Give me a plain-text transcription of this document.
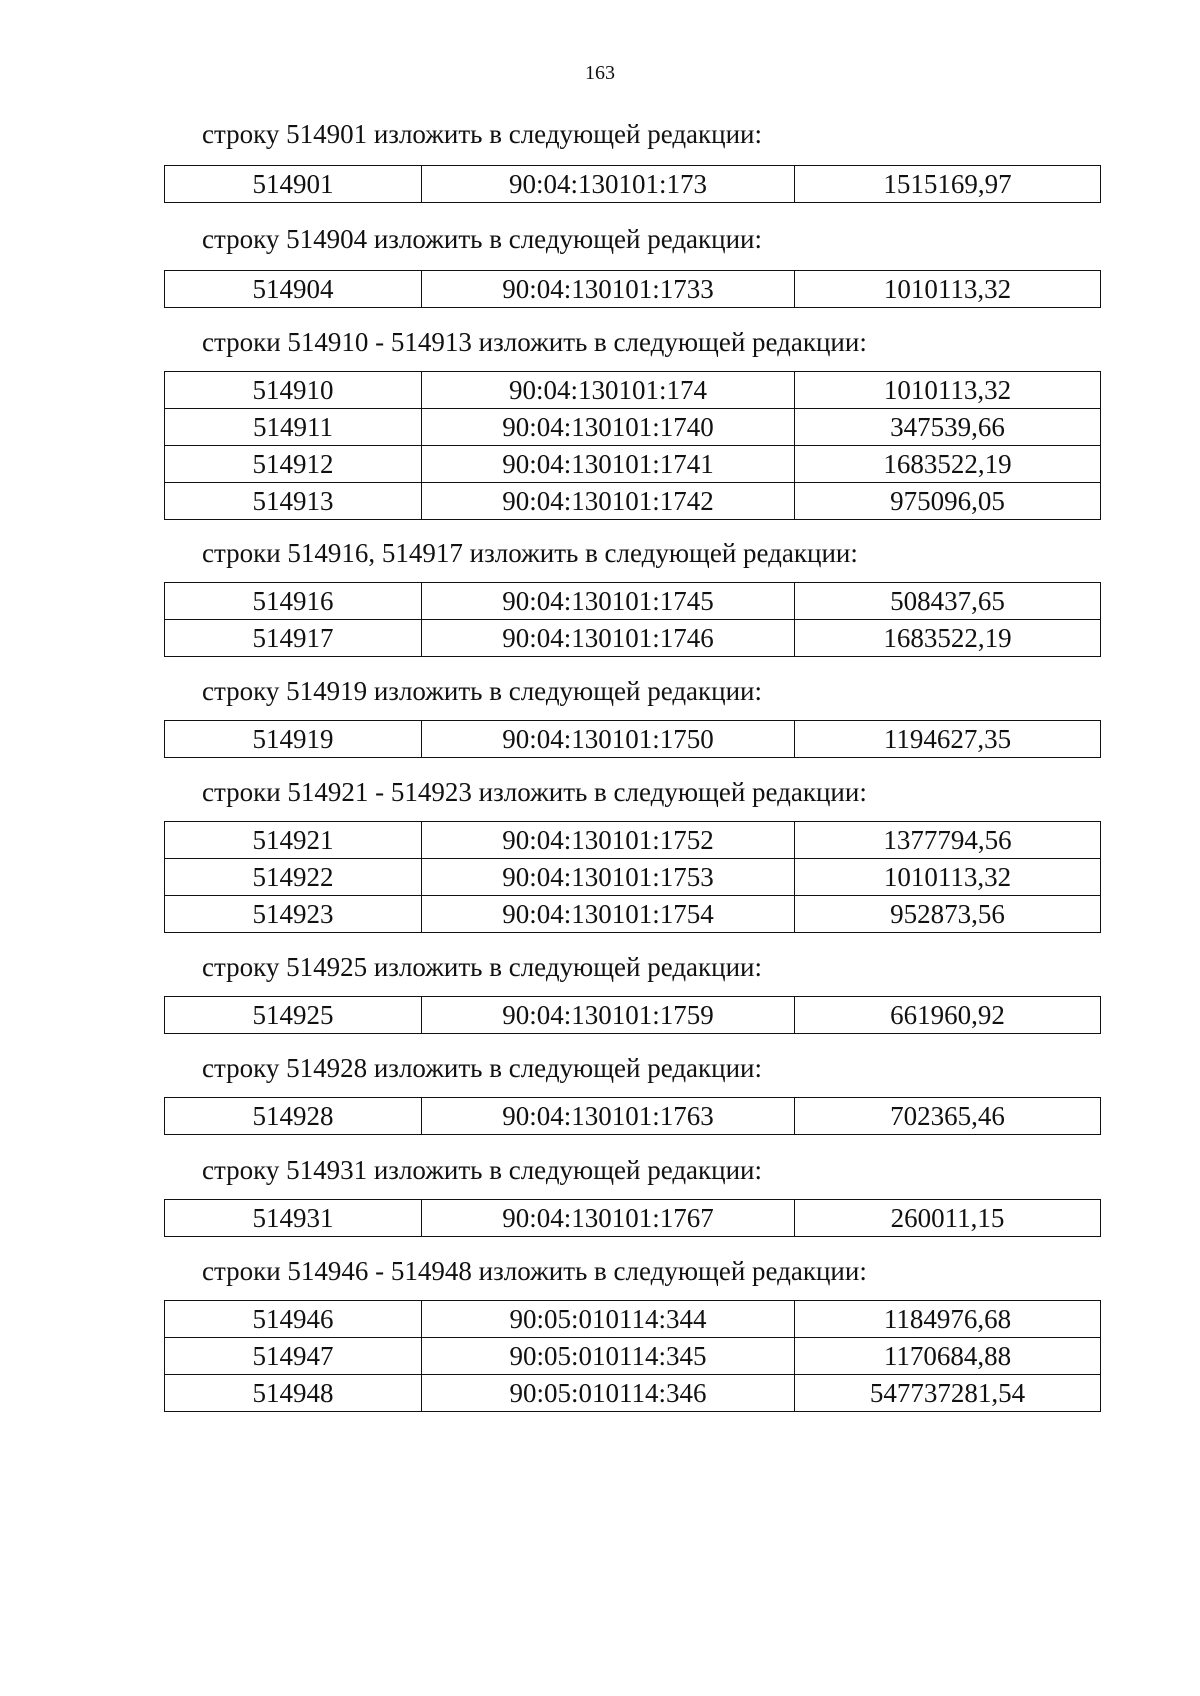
163

строку 514901 изложить в следующей редакции:

514901	90:04:130101:173	1515169,97

строку 514904 изложить в следующей редакции:

514904	90:04:130101:1733	1010113,32

строки 514910 - 514913 изложить в следующей редакции:

514910	90:04:130101:174	1010113,32
514911	90:04:130101:1740	347539,66
514912	90:04:130101:1741	1683522,19
514913	90:04:130101:1742	975096,05

строки 514916, 514917 изложить в следующей редакции:

514916	90:04:130101:1745	508437,65
514917	90:04:130101:1746	1683522,19

строку 514919 изложить в следующей редакции:

514919	90:04:130101:1750	1194627,35

строки 514921 - 514923 изложить в следующей редакции:

514921	90:04:130101:1752	1377794,56
514922	90:04:130101:1753	1010113,32
514923	90:04:130101:1754	952873,56

строку 514925 изложить в следующей редакции:

514925	90:04:130101:1759	661960,92

строку 514928 изложить в следующей редакции:

514928	90:04:130101:1763	702365,46

строку 514931 изложить в следующей редакции:

514931	90:04:130101:1767	260011,15

строки 514946 - 514948 изложить в следующей редакции:

514946	90:05:010114:344	1184976,68
514947	90:05:010114:345	1170684,88
514948	90:05:010114:346	547737281,54
